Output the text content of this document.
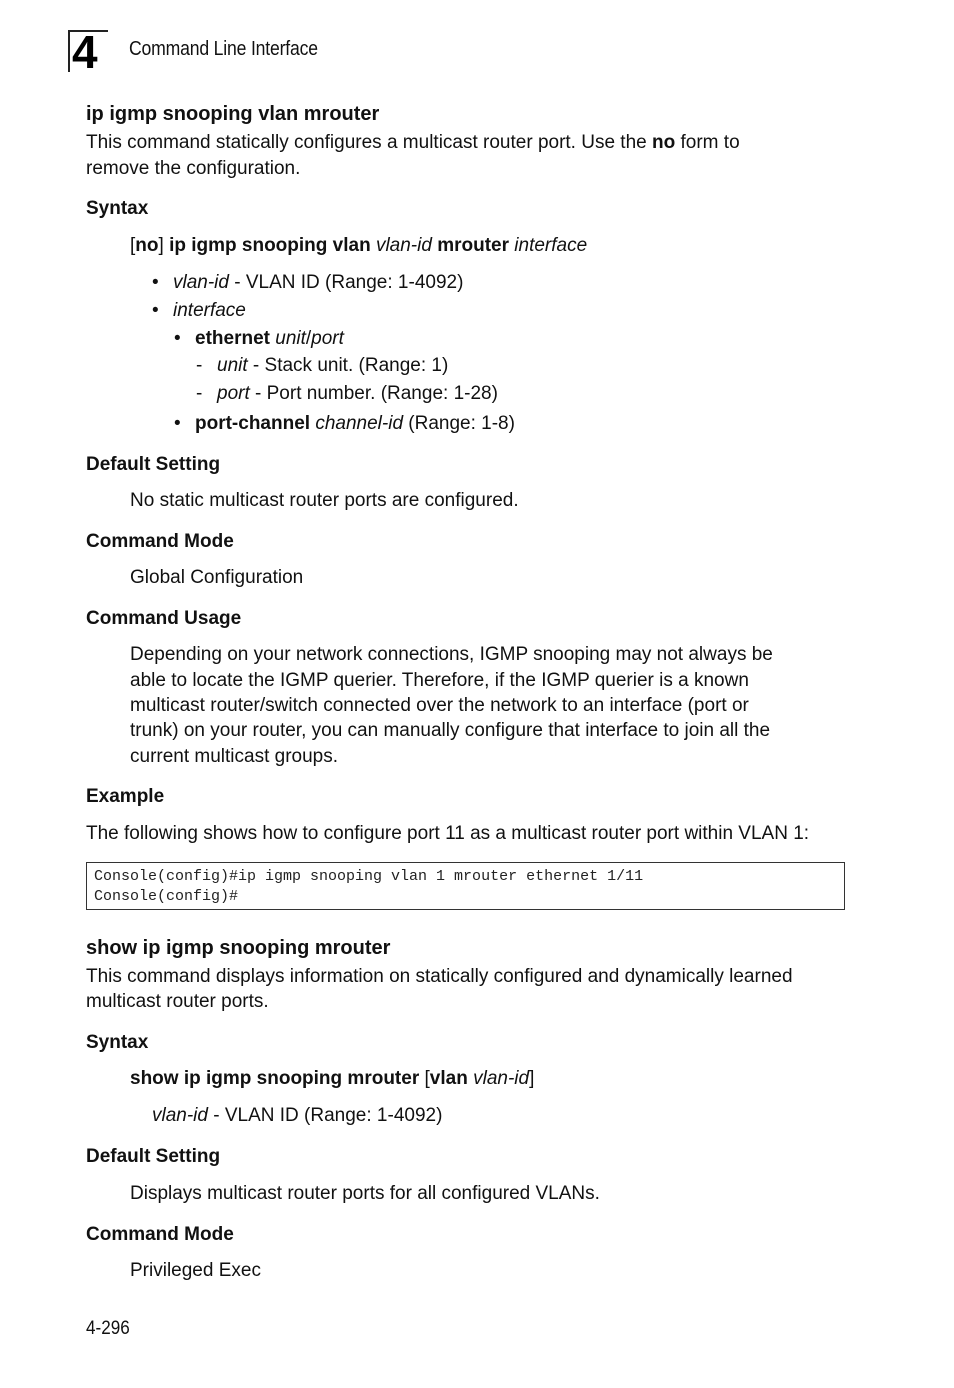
4 Command Line Interface
ip igmp snooping vlan mrouter
This command statically configures a multicast router port. Use the no form to
remove the configuration.
Syntax
[no] ip igmp snooping vlan vlan-id mrouter interface
• vlan-id - VLAN ID (Range: 1-4092)
• interface
• ethernet unit/port
- unit - Stack unit. (Range: 1)
- port - Port number. (Range: 1-28)
• port-channel channel-id (Range: 1-8)
Default Setting
No static multicast router ports are configured.
Command Mode
Global Configuration
Command Usage
Depending on your network connections, IGMP snooping may not always be
able to locate the IGMP querier. Therefore, if the IGMP querier is a known
multicast router/switch connected over the network to an interface (port or
trunk) on your router, you can manually configure that interface to join all the
current multicast groups.
Example
The following shows how to configure port 11 as a multicast router port within VLAN 1:
Console(config)#ip igmp snooping vlan 1 mrouter ethernet 1/11
Console(config)#
show ip igmp snooping mrouter
This command displays information on statically configured and dynamically learned
multicast router ports.
Syntax
show ip igmp snooping mrouter [vlan vlan-id]
vlan-id - VLAN ID (Range: 1-4092)
Default Setting
Displays multicast router ports for all configured VLANs.
Command Mode
Privileged Exec
4-296
